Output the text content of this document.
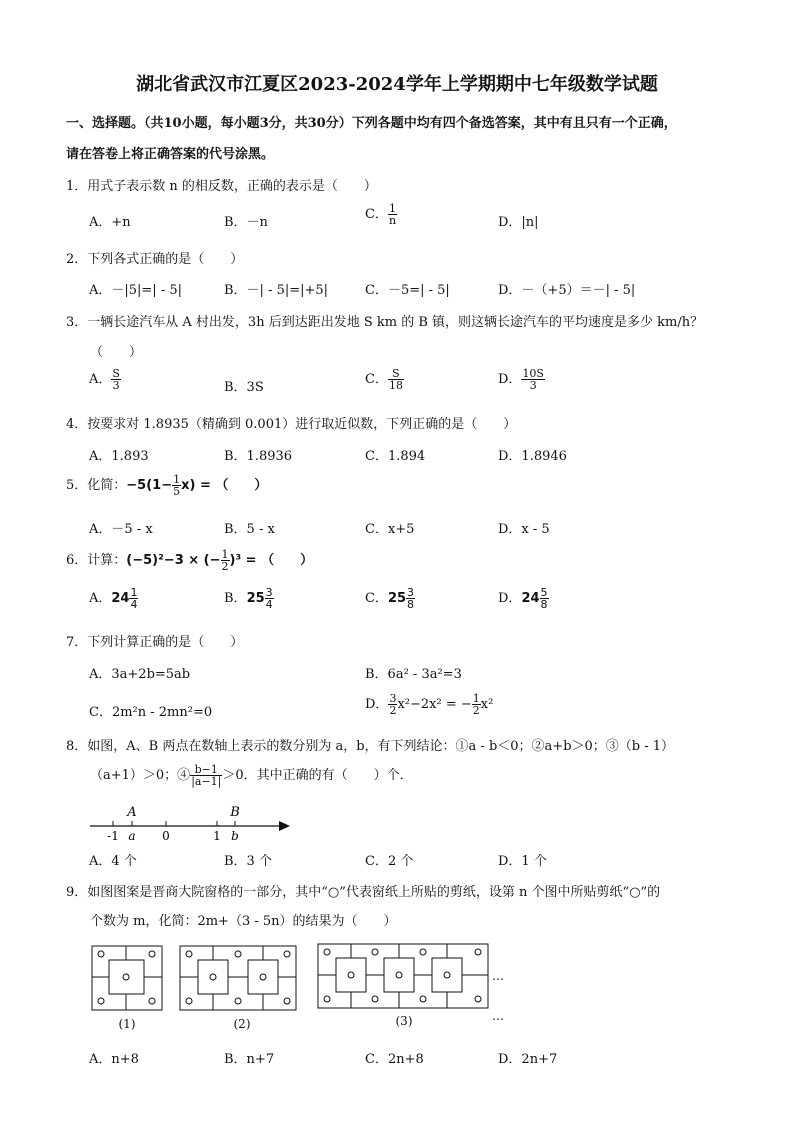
湖北省武汉市江夏区2023-2024学年上学期期中七年级数学试题
一、选择题。（共10小题，每小题3分，共30分）下列各题中均有四个备选答案，其中有且只有一个正确，
请在答卷上将正确答案的代号涂黑。
1．用式子表示数 n 的相反数，正确的表示是（　　）
A．+n	B．－n
C． $\frac{1}{n}$	D．|n|
2．下列各式正确的是（　　）
A．－|5|=| - 5|	B．－| - 5|=|+5|	C．－5=| - 5|	D．－（+5）＝－| - 5|
3．一辆长途汽车从 A 村出发，3h 后到达距出发地 S km 的 B 镇，则这辆长途汽车的平均速度是多少 km/h？
（　　）
A． $\frac{S}{3}$	B．3S
C． $\frac{S}{18}$	D． $\frac{10S}{3}$
4．按要求对 1.8935（精确到 0.001）进行取近似数，下列正确的是（　　）
A．1.893	B．1.8936	C．1.894	D．1.8946
5．化简：$-5(1- \frac{1}{5} x)$ = （　　）
A．－5 - x	B．5 - x	C．x+5	D．x - 5
6．计算：(−5)²−3 × (− $\frac{1}{2} )^3$ = （　　）
A．$24 \frac{1}{4}$	B．$25 \frac{3}{4}$	C．$25 \frac{3}{8}$	D．$24 \frac{5}{8}$
7．下列计算正确的是（　　）
A．3a+2b=5ab	B．6a² - 3a²=3
C．2m²n - 2mn²=0
D． $\frac{3}{2} x^2-2x^2$ = − $\frac{1}{2} x^2$
8．如图，A、B 两点在数轴上表示的数分别为 a，b，有下列结论：①a - b＜0；②a+b＞0；③（b - 1）
（a+1）＞0；④ $\frac{b-1}{|a-1|} >0$．其中正确的有（　　）个．
A	B
-1 a 0	1 b
A．4 个	B．3 个	C．2 个	D．1 个
9．如图图案是晋商大院窗格的一部分，其中“○”代表窗纸上所贴的剪纸，设第 n 个图中所贴剪纸“○”的
个数为 m，化简：2m+（3 - 5n）的结果为（　　）
(1)	(2)	(3)
…
…
A．n+8	B．n+7	C．2n+8	D．2n+7
